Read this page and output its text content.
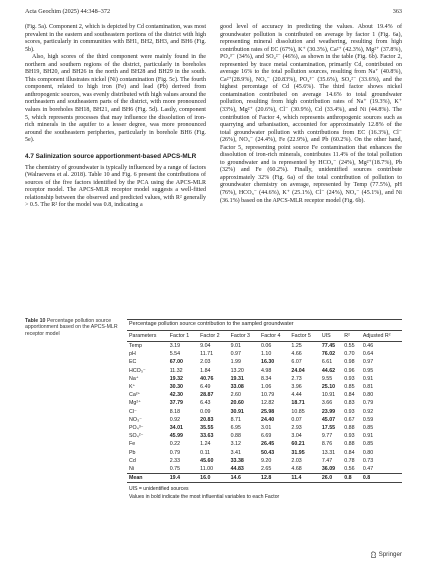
Acta Geochim (2025) 44:348–372	363

(Fig. 5a). Component 2, which is depicted by Cd contamination, was most prevalent in the eastern and southeastern portions of the district with high scores, particularly in communities with BH1, BH2, BH3, and BH6 (Fig. 5b).

Also, high scores of the third component were mainly found in the northern and southern regions of the district, particularly in boreholes BH19, BH20, and BH26 in the north and BH28 and BH29 in the south. This component illustrates nickel (Ni) contamination (Fig. 5c). The fourth component, related to high iron (Fe) and lead (Pb) derived from anthropogenic sources, was evenly distributed with high values around the northeastern and southeastern parts of the district, with more pronounced values in boreholes BH18, BH21, and BH6 (Fig. 5d). Lastly, component 5, which represents processes that may influence the dissolution of iron-rich minerals in the aquifer to a lesser degree, was more pronounced around the southeastern peripheries, particularly in borehole BH6 (Fig. 5e).

4.7 Salinization source apportionment-based APCS-MLR

The chemistry of groundwater is typically influenced by a range of factors (Walraevens et al. 2018). Table 10 and Fig. 6 present the contributions of sources of the five factors identified by the PCA using the APCS-MLR receptor model. The APCS-MLR receptor model suggests a well-fitted relationship between the observed and predicted values, with R² generally > 0.5. The R² for the model was 0.8, indicating a

good level of accuracy in predicting the values. About 19.4% of groundwater pollution is contributed on average by factor 1 (Fig. 6a), representing mineral dissolution and weathering, resulting from high contribution rates of EC (67%), K⁺ (30.3%), Ca²⁺ (42.3%), Mg²⁺ (37.8%), PO₄³⁻ (34%), and SO₄²⁻ (46%), as shown in the table (Fig. 6b). Factor 2, represented by trace metal contamination, primarily Cd, contributed on average 16% to the total pollution sources, resulting from Na⁺ (40.8%), Ca²⁺(28.9%), NO₃⁻ (20.83%), PO₄³⁻ (35.6%), SO₄²⁻ (33.6%), and the highest percentage of Cd (45.6%). The third factor shows nickel contamination contributed on average 14.6% to total groundwater pollution, resulting from high contribution rates of Na⁺ (19.3%), K⁺ (33%), Mg²⁺ (20.6%), Cl⁻ (30.9%), Cd (33.4%), and Ni (44.8%). The contribution of Factor 4, which represents anthropogenic sources such as quarrying and urbanisation, accounted for approximately 12.8% of the total groundwater pollution with contributions from EC (16.3%), Cl⁻ (26%), NO₃⁻ (24.4%), Fe (22.9%), and Pb (60.2%). On the other hand, Factor 5, representing point source Fe contamination that enhances the dissolution of iron-rich minerals, contributes 11.4% of the total pollution to groundwater and is represented by HCO₃⁻ (24%), Mg²⁺(18.7%), Pb (32%) and Fe (60.2%). Finally, unidentified sources contribute approximately 32% (Fig. 6a) of the total contribution of pollution to groundwater chemistry on average, represented by Temp (77.5%), pH (76%), HCO₃⁻ (44.6%), K⁺ (25.1%), Cl⁻ (24%), NO₃⁻ (45.1%), and Ni (36.1%) based on the APCS-MLR receptor model (Fig. 6b).

Table 10 Percentage pollution source apportionment based on the APCS-MLR receptor model
Percentage pollution source contribution to the sampled groundwater
Parameters	Factor 1	Factor 2	Factor 3	Factor 4	Factor 5	UIS	R²	Adjusted R²
Temp	3.19	9.04	9.01	0.06	1.25	77.45	0.55	0.46
pH	5.54	11.71	0.97	1.10	4.66	76.02	0.70	0.64
EC	67.00	2.03	1.99	16.30	6.07	6.61	0.98	0.97
HCO₃⁻	11.32	1.84	13.20	4.98	24.04	44.62	0.96	0.95
Na⁺	19.32	40.76	19.31	8.34	2.73	9.55	0.93	0.91
K⁺	30.30	6.49	33.08	1.06	3.96	25.10	0.85	0.81
Ca²⁺	42.30	28.87	2.60	10.79	4.44	10.91	0.84	0.80
Mg²⁺	37.79	6.43	20.60	12.82	18.71	3.66	0.83	0.79
Cl⁻	8.18	0.09	30.91	25.98	10.85	23.99	0.93	0.92
NO₃⁻	0.92	20.83	8.71	24.40	0.07	45.07	0.67	0.59
PO₄³⁻	34.01	35.55	6.95	3.01	2.93	17.55	0.88	0.85
SO₄²⁻	45.99	33.63	0.88	6.69	3.04	9.77	0.93	0.91
Fe	0.22	1.24	3.12	26.45	60.21	8.76	0.88	0.85
Pb	0.79	0.11	3.41	50.43	31.95	13.31	0.84	0.80
Cd	2.33	45.60	33.38	9.20	2.03	7.47	0.78	0.73
Ni	0.75	11.00	44.83	2.65	4.68	36.09	0.56	0.47
Mean	19.4	16.0	14.6	12.8	11.4	26.0	0.8	0.8
UIS = unidentified sources
Values in bold indicate the most influential variables to each Factor
Springer
